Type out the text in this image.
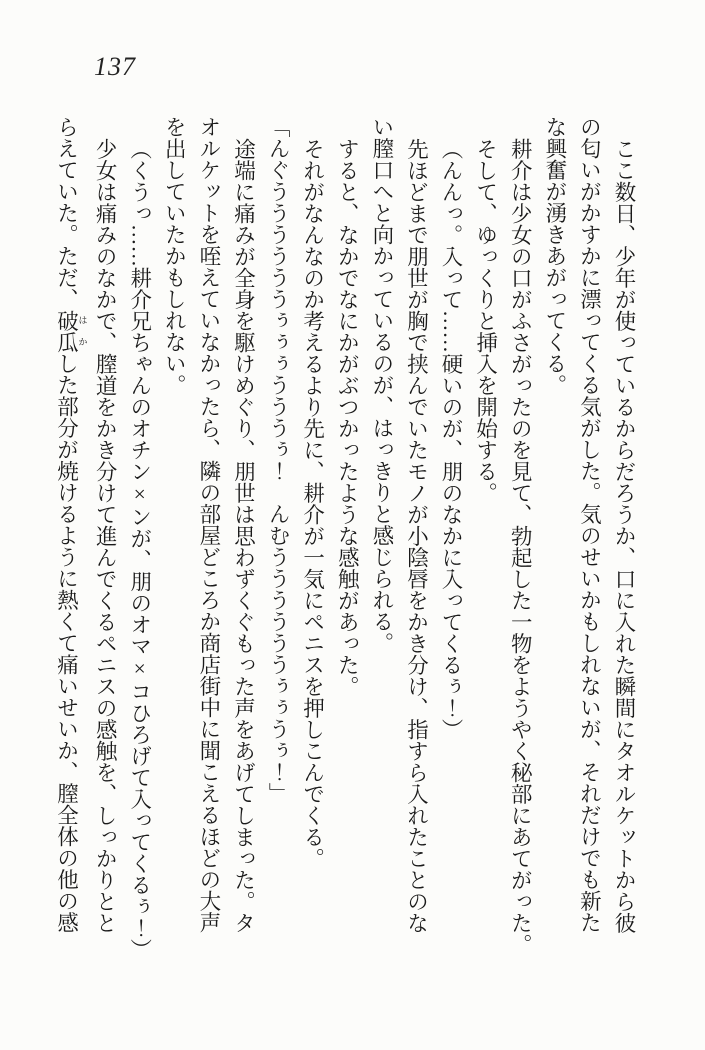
137

ここ数日、少年が使っているからだろうか、口に入れた瞬間にタオルケットから彼

の匂いがかすかに漂ってくる気がした。気のせいかもしれないが、それだけでも新た

な興奮が湧きあがってくる。

耕介は少女の口がふさがったのを見て、勃起した一物をようやく秘部にあてがった。

そして、ゆっくりと挿入を開始する。

（んんっ。入って……硬いのが、朋のなかに入ってくるぅ！）

先ほどまで朋世が胸で挟んでいたモノが小陰唇をかき分け、指すら入れたことのな

い膣口へと向かっているのが、はっきりと感じられる。

すると、なかでなにかがぶつかったような感触があった。

それがなんなのか考えるより先に、耕介が一気にペニスを押しこんでくる。

「んぐううううううぅぅぅうううぅ！　んむううううううぅぅうぅ！」

途端に痛みが全身を駆けめぐり、朋世は思わずくぐもった声をあげてしまった。タ

オルケットを咥えていなかったら、隣の部屋どころか商店街中に聞こえるほどの大声

を出していたかもしれない。

（くうっ……耕介兄ちゃんのオチン×ンが、朋のオマ×コひろげて入ってくるぅ！）

少女は痛みのなかで、膣道をかき分けて進んでくるペニスの感触を、しっかりとと

らえていた。ただ、破瓜 はかした部分が焼けるように熱くて痛いせいか、膣全体の他の感
